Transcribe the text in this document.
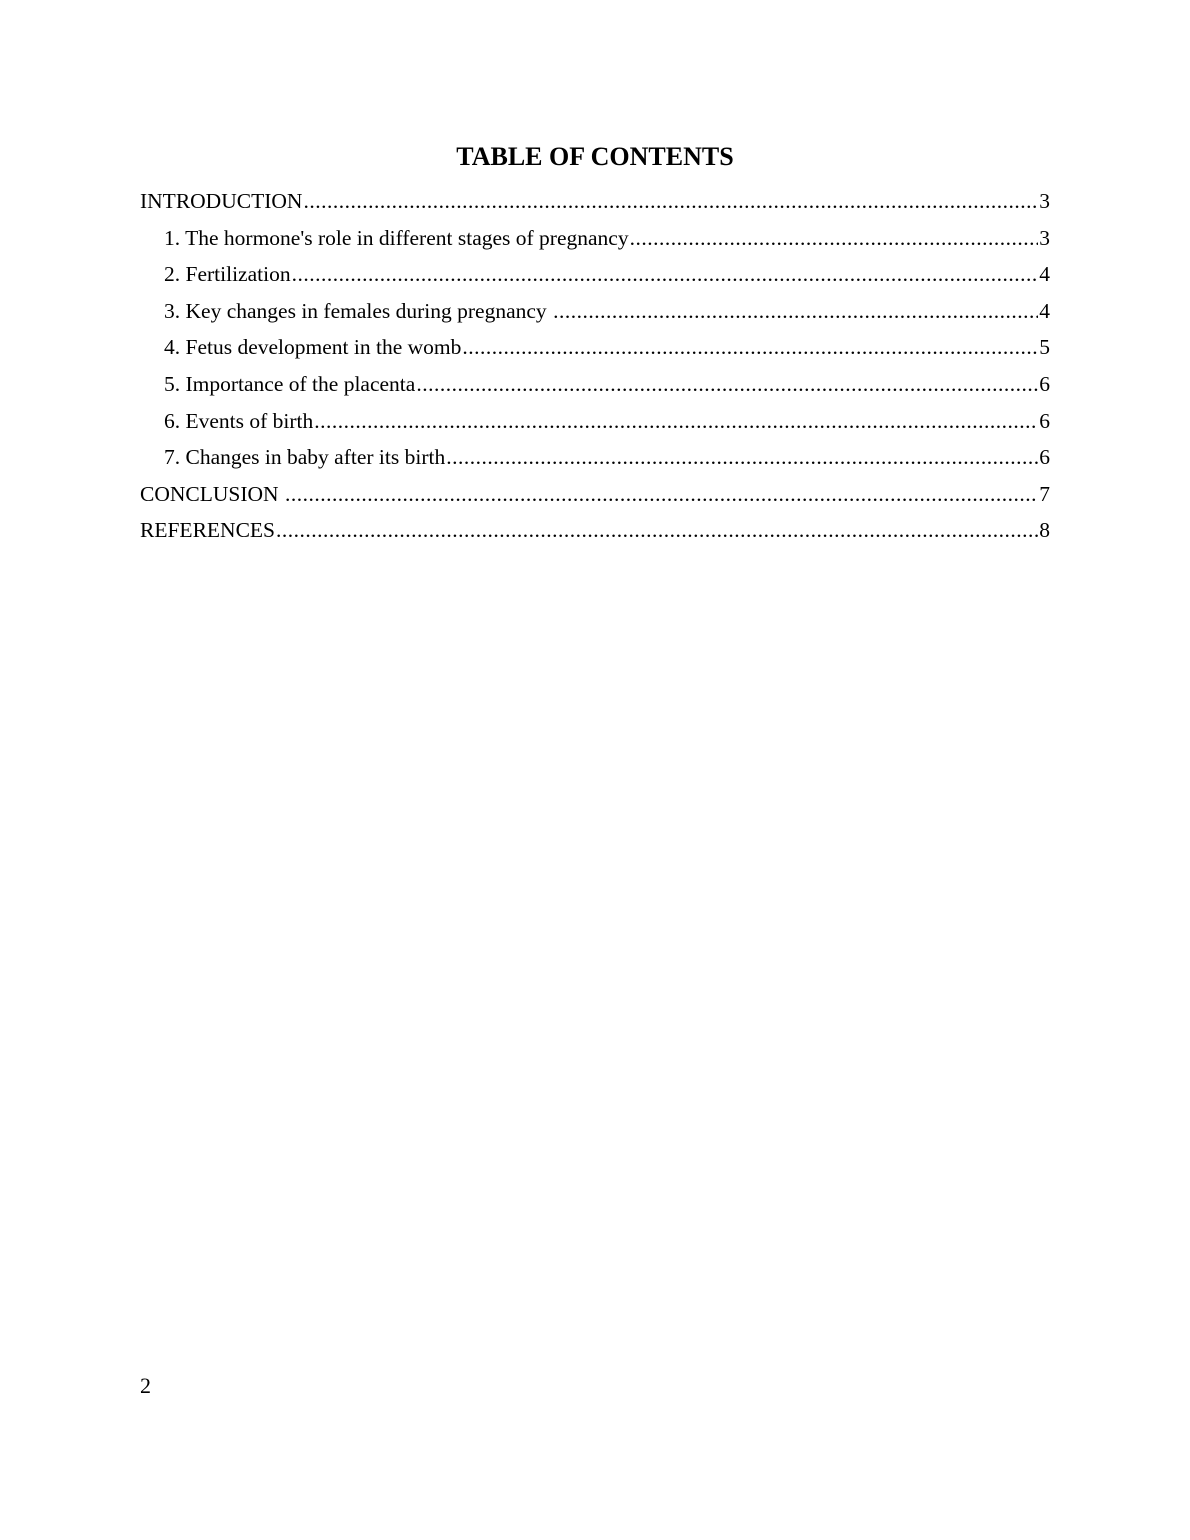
TABLE OF CONTENTS
INTRODUCTION .....	3
1. The hormone's role in different stages of pregnancy .....	3
2. Fertilization .....	4
3. Key changes in females during pregnancy .....	4
4. Fetus development in the womb .....	5
5. Importance of the placenta .....	6
6. Events of birth .....	6
7. Changes in baby after its birth .....	6
CONCLUSION .....	7
REFERENCES .....	8
2
